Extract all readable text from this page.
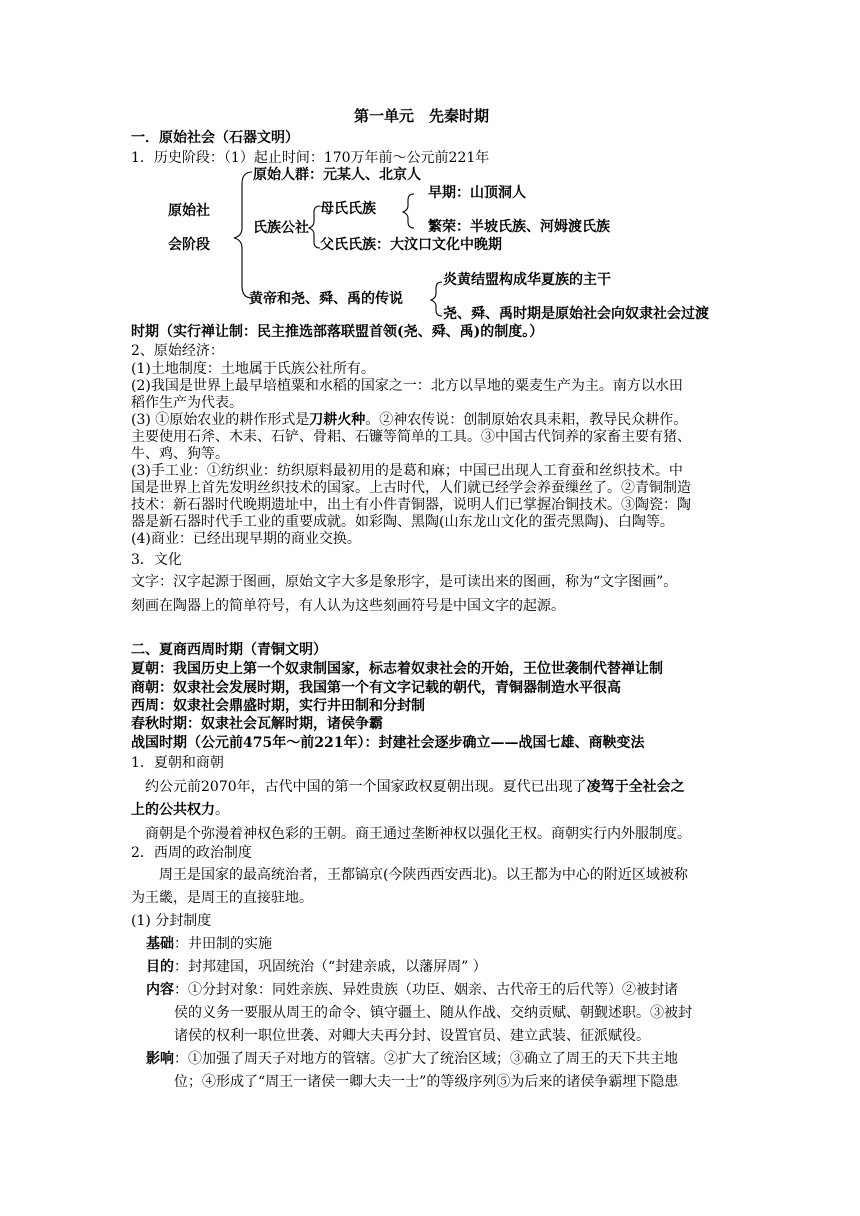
第一单元　先秦时期
一．原始社会（石器文明）
1．历史阶段：（1）起止时间：170万年前～公元前221年
原始社
会阶段
原始人群：元某人、北京人
氏族公社
母氏氏族
早期：山顶洞人
繁荣：半坡氏族、河姆渡氏族
父氏氏族：大汶口文化中晚期
黄帝和尧、舜、禹的传说
炎黄结盟构成华夏族的主干
尧、舜、禹时期是原始社会向奴隶社会过渡
时期（实行禅让制：民主推选部落联盟首领(尧、舜、禹)的制度。）
2、原始经济：
(1)土地制度：土地属于氏族公社所有。
(2)我国是世界上最早培植粟和水稻的国家之一：北方以旱地的粟麦生产为主。南方以水田
稻作生产为代表。
(3) ①原始农业的耕作形式是刀耕火种。②神农传说：创制原始农具耒耜，教导民众耕作。
主要使用石斧、木耒、石铲、骨耜、石镰等简单的工具。③中国古代饲养的家畜主要有猪、
牛、鸡、狗等。
(3)手工业：①纺织业：纺织原料最初用的是葛和麻；中国已出现人工育蚕和丝织技术。中
国是世界上首先发明丝织技术的国家。上古时代，人们就已经学会养蚕缫丝了。②青铜制造
技术：新石器时代晚期遗址中，出土有小件青铜器，说明人们已掌握冶铜技术。③陶瓷：陶
器是新石器时代手工业的重要成就。如彩陶、黑陶(山东龙山文化的蛋壳黑陶)、白陶等。
(4)商业：已经出现早期的商业交换。
3．文化
文字：汉字起源于图画，原始文字大多是象形字，是可读出来的图画，称为“文字图画”。
刻画在陶器上的简单符号，有人认为这些刻画符号是中国文字的起源。
二、夏商西周时期（青铜文明）
夏朝：我国历史上第一个奴隶制国家，标志着奴隶社会的开始，王位世袭制代替禅让制
商朝：奴隶社会发展时期，我国第一个有文字记载的朝代，青铜器制造水平很高
西周：奴隶社会鼎盛时期，实行井田制和分封制
春秋时期：奴隶社会瓦解时期，诸侯争霸
战国时期（公元前475年～前221年）：封建社会逐步确立——战国七雄、商鞅变法
1．夏朝和商朝
约公元前2070年，古代中国的第一个国家政权夏朝出现。夏代已出现了凌驾于全社会之
上的公共权力。
商朝是个弥漫着神权色彩的王朝。商王通过垄断神权以强化王权。商朝实行内外服制度。
2．西周的政治制度
周王是国家的最高统治者，王都镐京(今陕西西安西北)。以王都为中心的附近区域被称
为王畿，是周王的直接驻地。
(1) 分封制度
基础：井田制的实施
目的：封邦建国，巩固统治（“封建亲戚，以藩屏周” ）
内容：①分封对象：同姓亲族、异姓贵族（功臣、姻亲、古代帝王的后代等）②被封诸
侯的义务一要服从周王的命令、镇守疆土、随从作战、交纳贡赋、朝觐述职。③被封
诸侯的权利一职位世袭、对卿大夫再分封、设置官员、建立武装、征派赋役。
影响：①加强了周天子对地方的管辖。②扩大了统治区域；③确立了周王的天下共主地
位；④形成了“周王一诸侯一卿大夫一士”的等级序列⑤为后来的诸侯争霸埋下隐患
